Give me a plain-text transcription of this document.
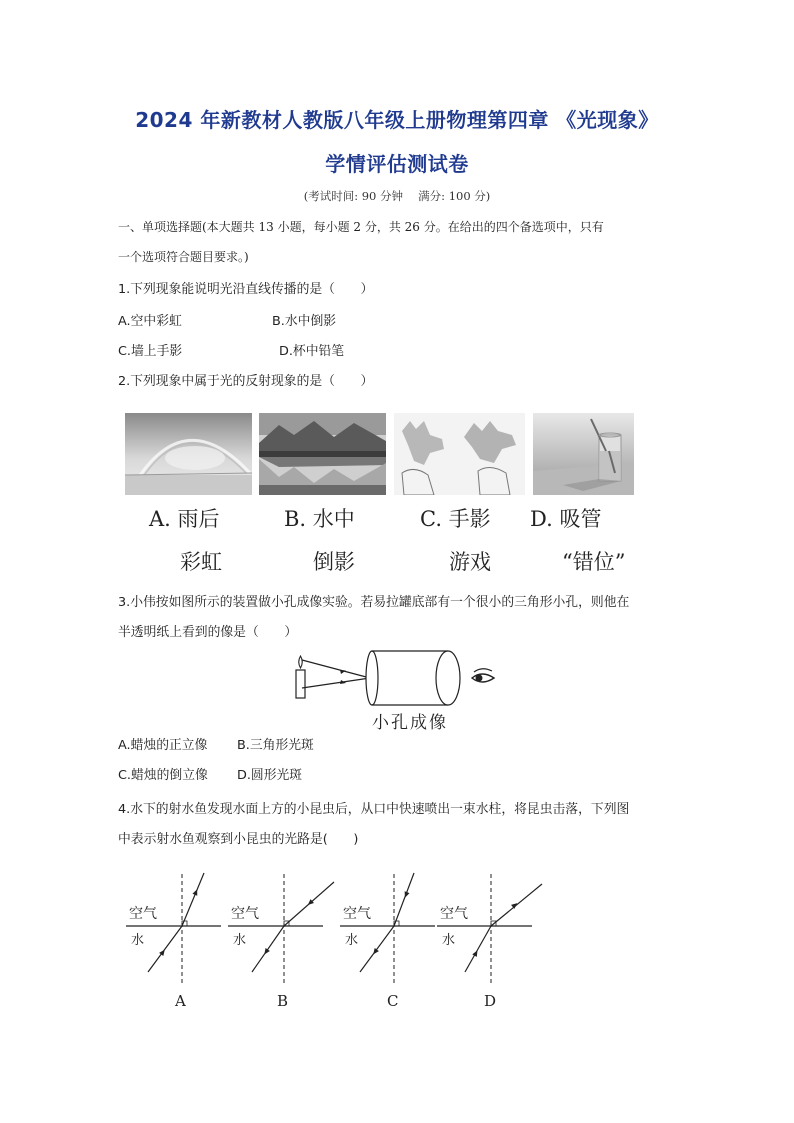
2024 年新教材人教版八年级上册物理第四章 《光现象》
学情评估测试卷
(考试时间: 90 分钟　 满分: 100 分)
一、单项选择题(本大题共 13 小题，每小题 2 分，共 26 分。在给出的四个备选项中，只有
一个选项符合题目要求。)
1.下列现象能说明光沿直线传播的是（　　）
A.空中彩虹	B.水中倒影
C.墙上手影	D.杯中铅笔
2.下列现象中属于光的反射现象的是（　　）
A. 雨后	B. 水中	C. 手影 D. 吸管
彩虹	倒影	游戏	“错位”
3.小伟按如图所示的装置做小孔成像实验。若易拉罐底部有一个很小的三角形小孔，则他在
半透明纸上看到的像是（　　）
小孔成像
A.蜡烛的正立像 B.三角形光斑
C.蜡烛的倒立像 D.圆形光斑
4.水下的射水鱼发现水面上方的小昆虫后，从口中快速喷出一束水柱，将昆虫击落，下列图
中表示射水鱼观察到小昆虫的光路是(　　)
空气
水
A
空气
水
B
空气
水
C
空气
水
D
